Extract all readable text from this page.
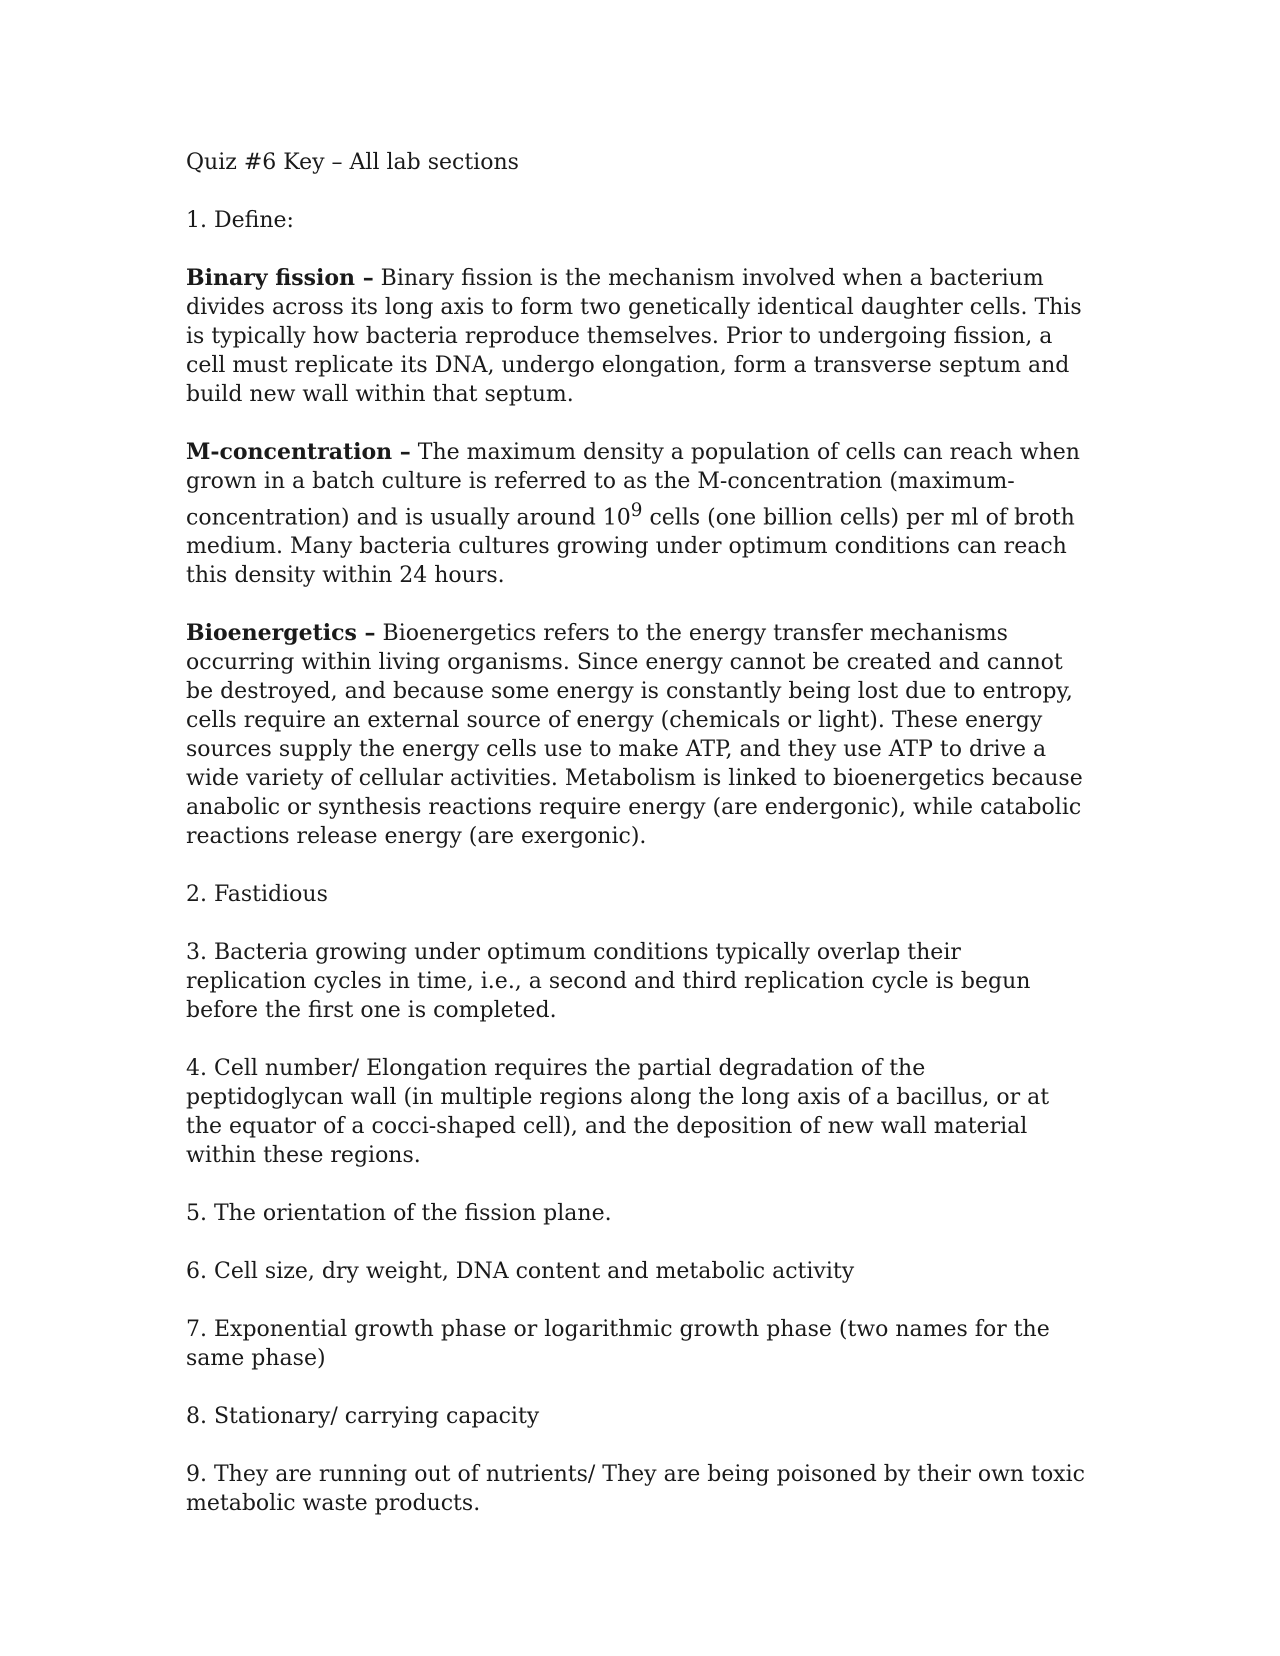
Quiz #6 Key – All lab sections

1. Define:

Binary fission – Binary fission is the mechanism involved when a bacterium divides across its long axis to form two genetically identical daughter cells. This is typically how bacteria reproduce themselves. Prior to undergoing fission, a cell must replicate its DNA, undergo elongation, form a transverse septum and build new wall within that septum.

M-concentration – The maximum density a population of cells can reach when grown in a batch culture is referred to as the M-concentration (maximum-concentration) and is usually around $10^9$ cells (one billion cells) per ml of broth medium. Many bacteria cultures growing under optimum conditions can reach this density within 24 hours.

Bioenergetics – Bioenergetics refers to the energy transfer mechanisms occurring within living organisms. Since energy cannot be created and cannot be destroyed, and because some energy is constantly being lost due to entropy, cells require an external source of energy (chemicals or light). These energy sources supply the energy cells use to make ATP, and they use ATP to drive a wide variety of cellular activities. Metabolism is linked to bioenergetics because anabolic or synthesis reactions require energy (are endergonic), while catabolic reactions release energy (are exergonic).

2. Fastidious

3. Bacteria growing under optimum conditions typically overlap their replication cycles in time, i.e., a second and third replication cycle is begun before the first one is completed.

4. Cell number/ Elongation requires the partial degradation of the peptidoglycan wall (in multiple regions along the long axis of a bacillus, or at the equator of a cocci-shaped cell), and the deposition of new wall material within these regions.

5. The orientation of the fission plane.

6. Cell size, dry weight, DNA content and metabolic activity

7. Exponential growth phase or logarithmic growth phase (two names for the same phase)

8. Stationary/ carrying capacity

9. They are running out of nutrients/ They are being poisoned by their own toxic metabolic waste products.
